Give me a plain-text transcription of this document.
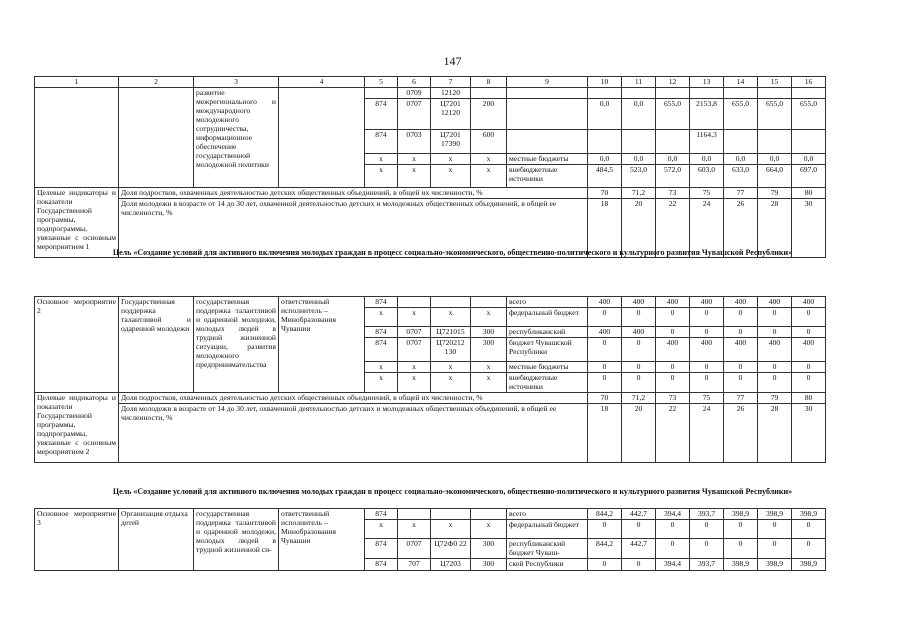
147
1	2	3	4	5	6	7	8	9	10	11	12	13	14	15	16
		развитие межрегионального и международного молодежного сотрудничества, информационное обеспечение государственной молодежной политики			0709	12120									
				874	0707	Ц7201 12120	200		0,0	0,0	655,0	2153,8	655,0	655,0	655,0
				874	0703	Ц7201 17390	600					1164,3			
				x	x	x	x	местные бюджеты	0,0	0,0	0,0	0,0	0,0	0,0	0,0
				x	x	x	x	внебюджетные источники	484,5	523,0	572,0	603,0	633,0	664,0	697,0
Целевые индикаторы и показатели Государственной программы, подпрограммы, увязанные с основным мероприятием 1	Доля подростков, охваченных деятельностью детских общественных объединений, в общей их численности, %								70	71,2	73	75	77	79	80
	Доля молодежи в возрасте от 14 до 30 лет, охваченной деятельностью детских и молодежных общественных объединений, в общей ее численности, %								18	20	22	24	26	28	30
Цель «Создание условий для активного включения молодых граждан в процесс социально-экономического, общественно-политического и культурного развития Чувашской Республики»
Основное мероприятие 2	Государственная поддержка талантливой и одаренной молодежи	государственная поддержка талантливой и одаренной молодежи, молодых людей в трудной жизненной ситуации, развития молодежного предпринимательства	ответственный исполнитель – Минобразования Чувашии	874				всего	400	400	400	400	400	400	400
				x	x	x	x	федеральный бюджет	0	0	0	0	0	0	0
				874	0707	Ц721015	300	республиканский	400	400	0	0	0	0	0
				874	0707	Ц720212 130	300	бюджет Чувашской Республики	0	0	400	400	400	400	400
				x	x	x	x	местные бюджеты	0	0	0	0	0	0	0
				x	x	x	x	внебюджетные источники	0	0	0	0	0	0	0
Целевые индикаторы и показатели Государственной программы, подпрограммы, увязанные с основным мероприятием 2	Доля подростков, охваченных деятельностью детских общественных объединений, в общей их численности, %								70	71,2	73	75	77	79	80
	Доля молодежи в возрасте от 14 до 30 лет, охваченной деятельностью детских и молодежных общественных объединений, в общей ее численности, %								18	20	22	24	26	28	30
Цель «Создание условий для активного включения молодых граждан в процесс социально-экономического, общественно-политического и культурного развития Чувашской Республики»
Основное мероприятие 3	Организация отдыха детей	государственная поддержка талантливой и одаренной молодежи, молодых людей в трудной жизненной си-	ответственный исполнитель – Минобразования Чувашии	874				всего	844,2	442,7	394,4	393,7	398,9	398,9	398,9
				x	x	x	x	федеральный бюджет	0	0	0	0	0	0	0
				874	0707	Ц72Ф0 22	300	республиканский бюджет Чуваш-	844,2	442,7	0	0	0	0	0
				874	707	Ц7203	300	ской Республики	0	0	394,4	393,7	398,9	398,9	398,9
